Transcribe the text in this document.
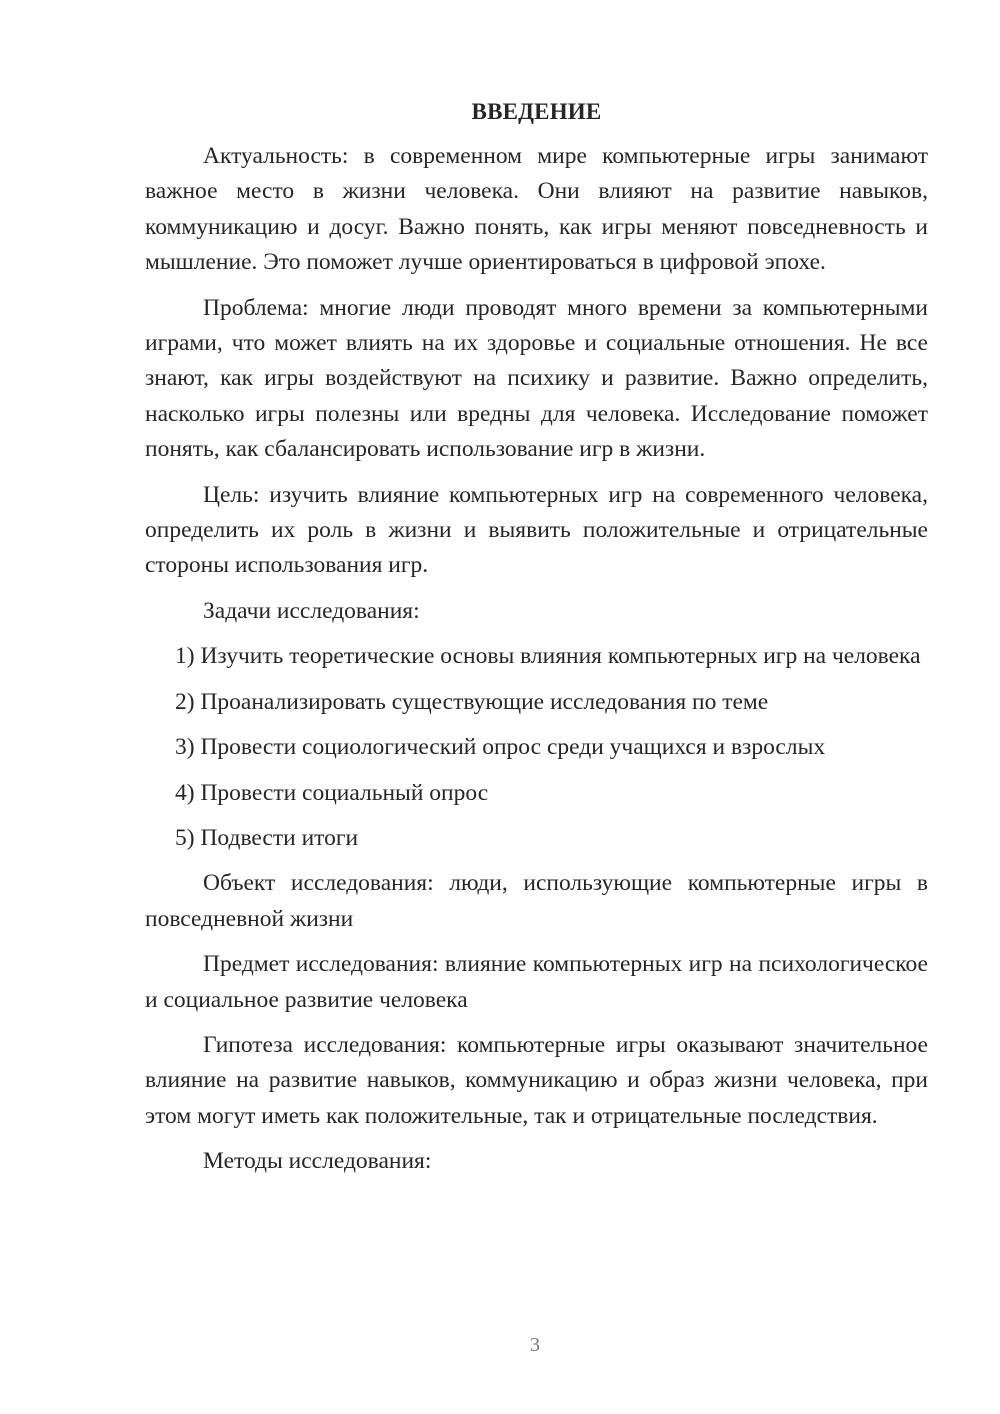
ВВЕДЕНИЕ

Актуальность: в современном мире компьютерные игры занимают важное место в жизни человека. Они влияют на развитие навыков, коммуникацию и досуг. Важно понять, как игры меняют повседневность и мышление. Это поможет лучше ориентироваться в цифровой эпохе.

Проблема: многие люди проводят много времени за компьютерными играми, что может влиять на их здоровье и социальные отношения. Не все знают, как игры воздействуют на психику и развитие. Важно определить, насколько игры полезны или вредны для человека. Исследование поможет понять, как сбалансировать использование игр в жизни.

Цель: изучить влияние компьютерных игр на современного человека, определить их роль в жизни и выявить положительные и отрицательные стороны использования игр.

Задачи исследования:

1) Изучить теоретические основы влияния компьютерных игр на человека

2) Проанализировать существующие исследования по теме

3) Провести социологический опрос среди учащихся и взрослых

4) Провести социальный опрос

5) Подвести итоги

Объект исследования: люди, использующие компьютерные игры в повседневной жизни

Предмет исследования: влияние компьютерных игр на психологическое и социальное развитие человека

Гипотеза исследования: компьютерные игры оказывают значительное влияние на развитие навыков, коммуникацию и образ жизни человека, при этом могут иметь как положительные, так и отрицательные последствия.

Методы исследования:

3
